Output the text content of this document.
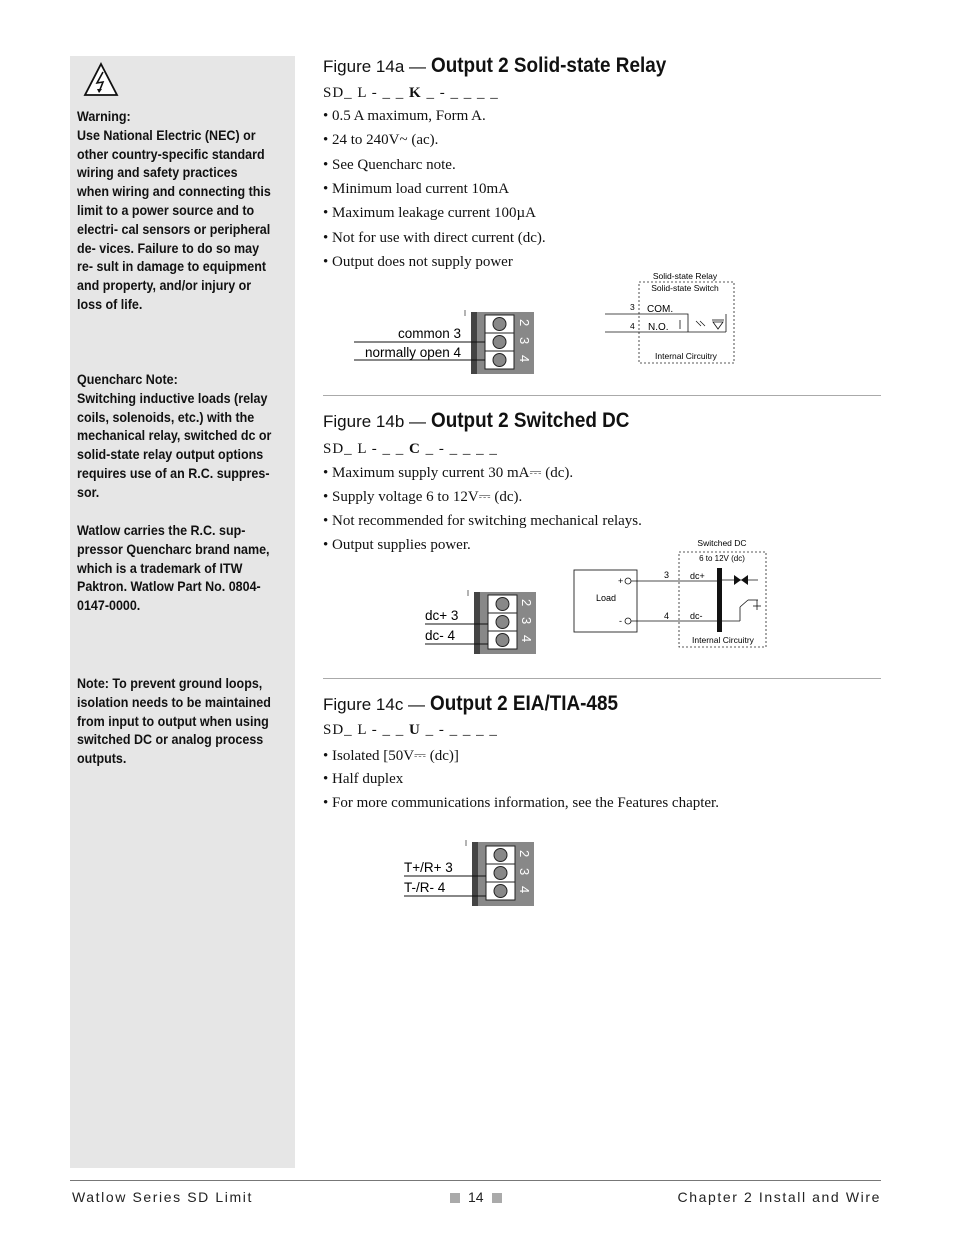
Warning:
Use National Electric (NEC) or other country-specific standard wiring and safety practices when wiring and connecting this limit to a power source and to electri- cal sensors or peripheral de- vices. Failure to do so may re- sult in damage to equipment and property, and/or injury or loss of life.
Quencharc Note:
Switching inductive loads (relay coils, solenoids, etc.) with the mechanical relay, switched dc or solid-state relay output options requires use of an R.C. suppres- sor.
Watlow carries the R.C. sup- pressor Quencharc brand name, which is a trademark of ITW Paktron. Watlow Part No. 0804- 0147-0000.
Note: To prevent ground loops, isolation needs to be maintained from input to output when using switched DC or analog process outputs.
Figure 14a — Output 2 Solid-state Relay
SD_ L - _ _ K _ - _ _ _ _
• 0.5 A maximum, Form A.
• 24 to 240V~ (ac).
• See Quencharc note.
• Minimum load current 10mA
• Maximum leakage current 100µA
• Not for use with direct current (dc).
• Output does not supply power
2
3
4
common 3
normally open 4
Solid-state Relay
Solid-state Switch
3
4
COM.
N.O.
Internal Circuitry
Figure 14b — Output 2 Switched DC
SD_ L - _ _ C _ - _ _ _ _
• Maximum supply current 30 mA⎓ (dc).
• Supply voltage 6 to 12V⎓ (dc).
• Not recommended for switching mechanical relays.
• Output supplies power.
2
3
4
dc+ 3
dc- 4
Switched DC
6 to 12V (dc)
Load
+
-
3
4
dc+
dc-
Internal Circuitry
Figure 14c — Output 2 EIA/TIA-485
SD_ L - _ _ U _ - _ _ _ _
• Isolated [50V⎓ (dc)]
• Half duplex
• For more communications information, see the Features chapter.
2
3
4
T+/R+ 3
T-/R- 4
Watlow Series SD Limit	14	Chapter 2 Install and Wire
